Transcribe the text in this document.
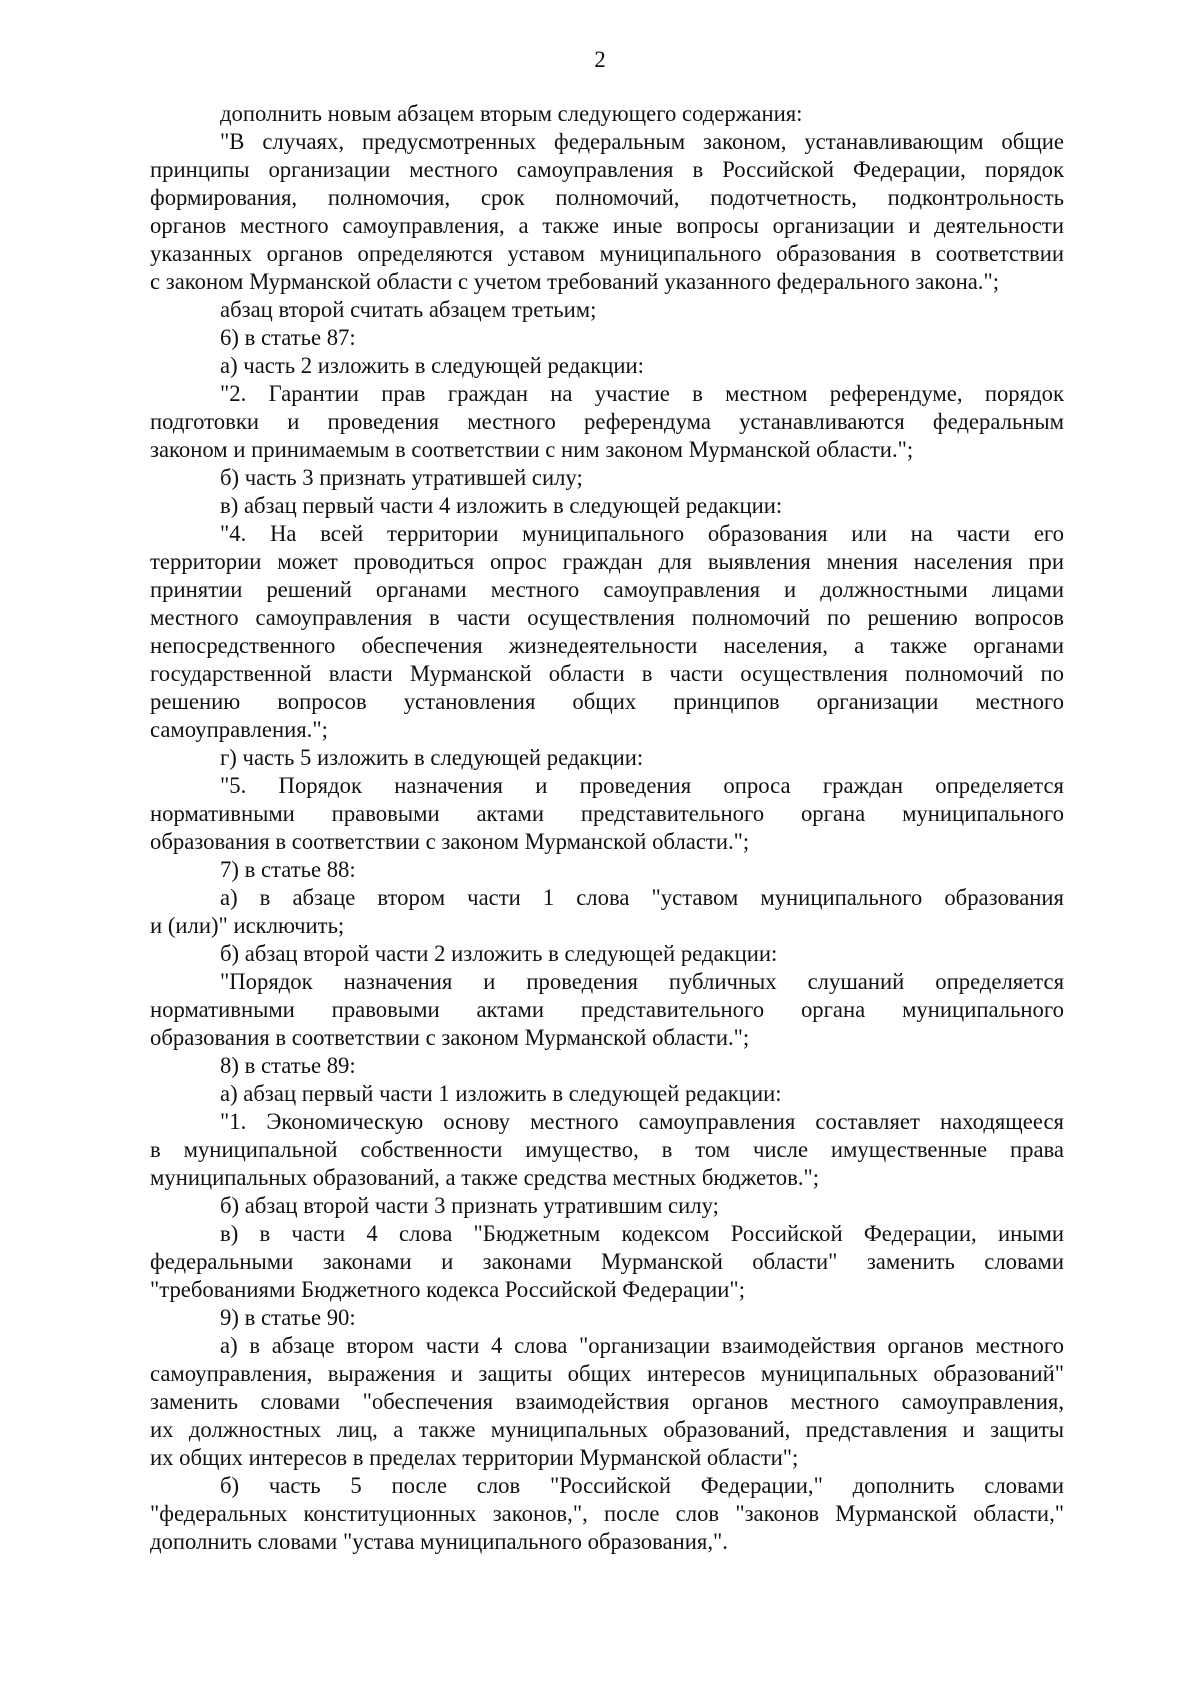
2
дополнить новым абзацем вторым следующего содержания:
"В случаях, предусмотренных федеральным законом, устанавливающим общие
принципы организации местного самоуправления в Российской Федерации, порядок
формирования, полномочия, срок полномочий, подотчетность, подконтрольность
органов местного самоуправления, а также иные вопросы организации и деятельности
указанных органов определяются уставом муниципального образования в соответствии
с законом Мурманской области с учетом требований указанного федерального закона.";
абзац второй считать абзацем третьим;
6) в статье 87:
а) часть 2 изложить в следующей редакции:
"2. Гарантии прав граждан на участие в местном референдуме, порядок
подготовки и проведения местного референдума устанавливаются федеральным
законом и принимаемым в соответствии с ним законом Мурманской области.";
б) часть 3 признать утратившей силу;
в) абзац первый части 4 изложить в следующей редакции:
"4. На всей территории муниципального образования или на части его
территории может проводиться опрос граждан для выявления мнения населения при
принятии решений органами местного самоуправления и должностными лицами
местного самоуправления в части осуществления полномочий по решению вопросов
непосредственного обеспечения жизнедеятельности населения, а также органами
государственной власти Мурманской области в части осуществления полномочий по
решению вопросов установления общих принципов организации местного
самоуправления.";
г) часть 5 изложить в следующей редакции:
"5. Порядок назначения и проведения опроса граждан определяется
нормативными правовыми актами представительного органа муниципального
образования в соответствии с законом Мурманской области.";
7) в статье 88:
а) в абзаце втором части 1 слова "уставом муниципального образования
и (или)" исключить;
б) абзац второй части 2 изложить в следующей редакции:
"Порядок назначения и проведения публичных слушаний определяется
нормативными правовыми актами представительного органа муниципального
образования в соответствии с законом Мурманской области.";
8) в статье 89:
а) абзац первый части 1 изложить в следующей редакции:
"1. Экономическую основу местного самоуправления составляет находящееся
в муниципальной собственности имущество, в том числе имущественные права
муниципальных образований, а также средства местных бюджетов.";
б) абзац второй части 3 признать утратившим силу;
в) в части 4 слова "Бюджетным кодексом Российской Федерации, иными
федеральными законами и законами Мурманской области" заменить словами
"требованиями Бюджетного кодекса Российской Федерации";
9) в статье 90:
а) в абзаце втором части 4 слова "организации взаимодействия органов местного
самоуправления, выражения и защиты общих интересов муниципальных образований"
заменить словами "обеспечения взаимодействия органов местного самоуправления,
их должностных лиц, а также муниципальных образований, представления и защиты
их общих интересов в пределах территории Мурманской области";
б) часть 5 после слов "Российской Федерации," дополнить словами
"федеральных конституционных законов,", после слов "законов Мурманской области,"
дополнить словами "устава муниципального образования,".
